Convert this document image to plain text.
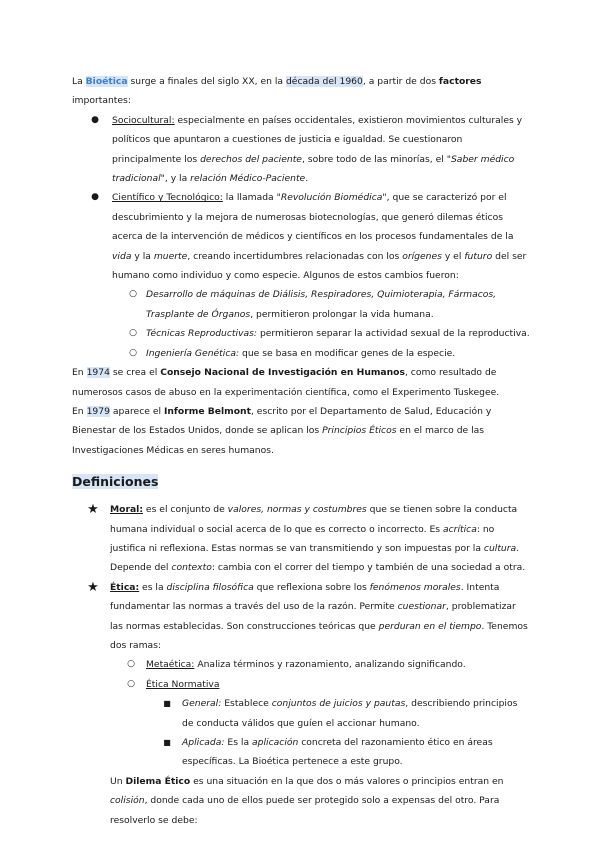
La Bioética surge a finales del siglo XX, en la década del 1960, a partir de dos factores importantes:

● Sociocultural: especialmente en países occidentales, existieron movimientos culturales y políticos que apuntaron a cuestiones de justicia e igualdad. Se cuestionaron principalmente los derechos del paciente, sobre todo de las minorías, el "Saber médico tradicional", y la relación Médico-Paciente.
● Científico y Tecnológico: la llamada "Revolución Biomédica", que se caracterizó por el descubrimiento y la mejora de numerosas biotecnologías, que generó dilemas éticos acerca de la intervención de médicos y científicos en los procesos fundamentales de la vida y la muerte, creando incertidumbres relacionadas con los orígenes y el futuro del ser humano como individuo y como especie. Algunos de estos cambios fueron:
○ Desarrollo de máquinas de Diálisis, Respiradores, Quimioterapia, Fármacos, Trasplante de Órganos, permitieron prolongar la vida humana.
○ Técnicas Reproductivas: permitieron separar la actividad sexual de la reproductiva.
○ Ingeniería Genética: que se basa en modificar genes de la especie.

En 1974 se crea el Consejo Nacional de Investigación en Humanos, como resultado de numerosos casos de abuso en la experimentación científica, como el Experimento Tuskegee.

En 1979 aparece el Informe Belmont, escrito por el Departamento de Salud, Educación y Bienestar de los Estados Unidos, donde se aplican los Principios Éticos en el marco de las Investigaciones Médicas en seres humanos.

Definiciones
★ Moral: es el conjunto de valores, normas y costumbres que se tienen sobre la conducta humana individual o social acerca de lo que es correcto o incorrecto. Es acrítica: no justifica ni reflexiona. Estas normas se van transmitiendo y son impuestas por la cultura. Depende del contexto: cambia con el correr del tiempo y también de una sociedad a otra.
★ Ética: es la disciplina filosófica que reflexiona sobre los fenómenos morales. Intenta fundamentar las normas a través del uso de la razón. Permite cuestionar, problematizar las normas establecidas. Son construcciones teóricas que perduran en el tiempo. Tenemos dos ramas:
○ Metaética: Analiza términos y razonamiento, analizando significando.
○ Ética Normativa
■ General: Establece conjuntos de juicios y pautas, describiendo principios de conducta válidos que guíen el accionar humano.
■ Aplicada: Es la aplicación concreta del razonamiento ético en áreas específicas. La Bioética pertenece a este grupo.
Un Dilema Ético es una situación en la que dos o más valores o principios entran en colisión, donde cada uno de ellos puede ser protegido solo a expensas del otro. Para resolverlo se debe:
